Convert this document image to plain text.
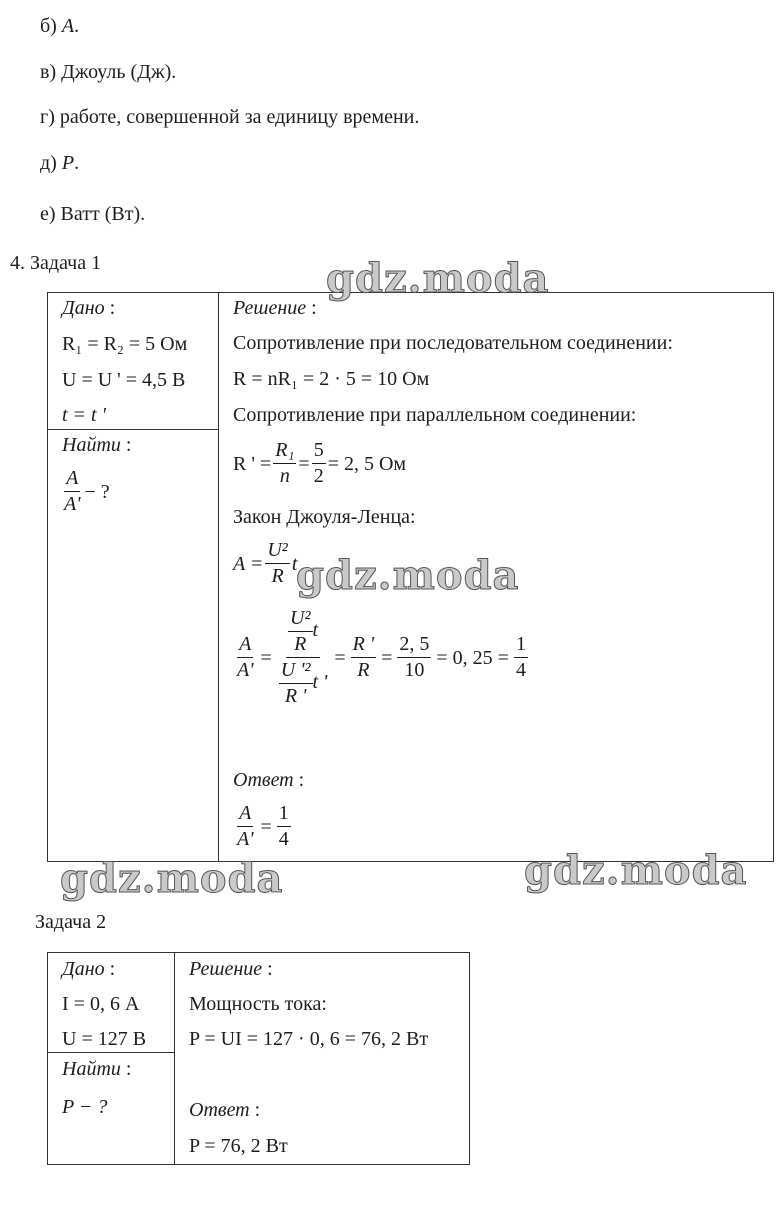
б) A.
в) Джоуль (Дж).
г) работе, совершенной за единицу времени.
д) P.
е) Ватт (Вт).
4. Задача 1
Дано :
R₁ = R₂ = 5 Ом
U = U ' = 4,5 В
t = t '
Найти :
$\frac{A}{A'}$ − ?
Решение :
Сопротивление при последовательном соединении:
R = nR₁ = 2 · 5 = 10 Ом
Сопротивление при параллельном соединении:
R ' = $\frac{\text{R₁}}{n} = \frac{5}{2} = 2$, 5 Ом
Закон Джоуля-Ленца:
$A = \frac{\text{U²}}{R}$ t
$\frac{A}{A'} = \frac{\frac{\text{U²}}{R} t}{\frac{\text{U '²}}{R '} t '} = \frac{R '}{R} = \frac{2, 5}{10} = 0$, $25 = \frac{1}{4}$
Ответ :
$\frac{A}{A'} = \frac{1}{4}$
Задача 2
Дано :
I = 0, 6 А
U = 127 В
Найти :
P − ?
Решение :
Мощность тока:
P = UI = 127 · 0, 6 = 76, 2 Вт
Ответ :
P = 76, 2 Вт
gdz.moda
gdz.moda
gdz.moda	gdz.moda
